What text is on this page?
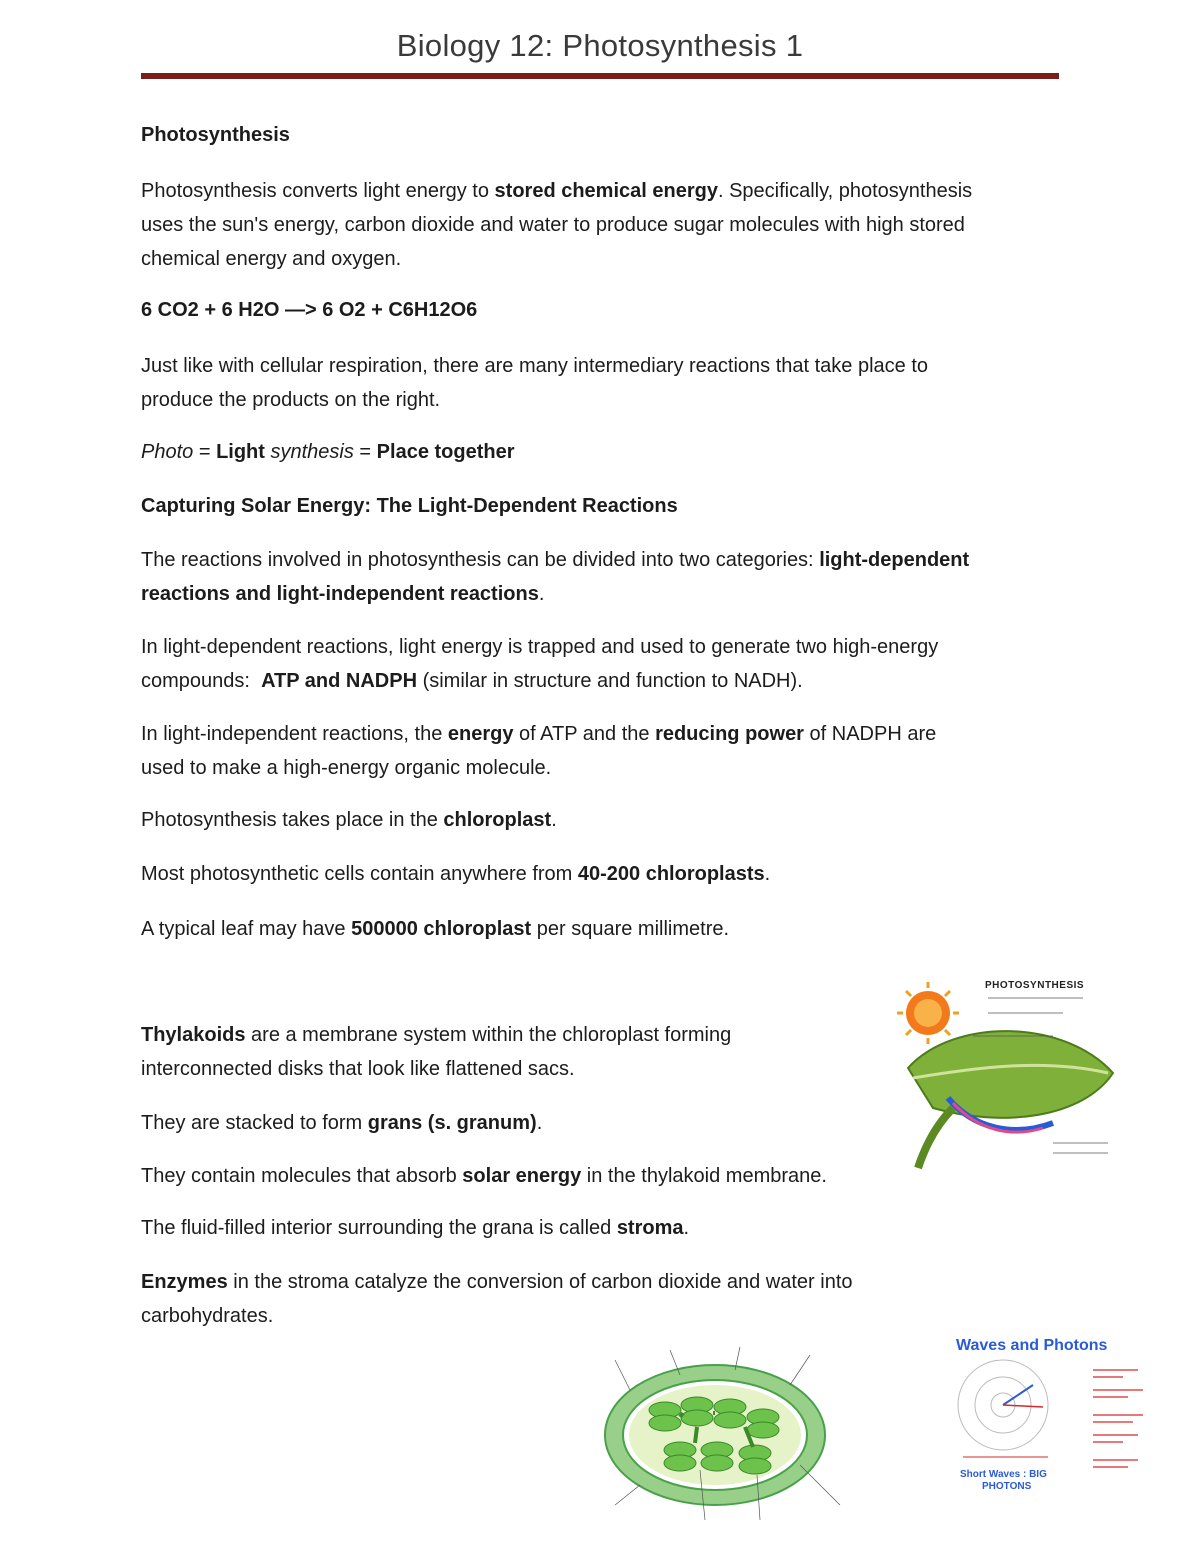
Biology 12: Photosynthesis 1

Photosynthesis

Photosynthesis converts light energy to stored chemical energy. Specifically, photosynthesis
uses the sun's energy, carbon dioxide and water to produce sugar molecules with high stored
chemical energy and oxygen.

6 CO2 + 6 H2O —> 6 O2 + C6H12O6

Just like with cellular respiration, there are many intermediary reactions that take place to
produce the products on the right.

Photo = Light synthesis = Place together

Capturing Solar Energy: The Light-Dependent Reactions

The reactions involved in photosynthesis can be divided into two categories: light-dependent
reactions and light-independent reactions.

In light-dependent reactions, light energy is trapped and used to generate two high-energy
compounds:  ATP and NADPH (similar in structure and function to NADH).

In light-independent reactions, the energy of ATP and the reducing power of NADPH are
used to make a high-energy organic molecule.

Photosynthesis takes place in the chloroplast.

Most photosynthetic cells contain anywhere from 40-200 chloroplasts.

A typical leaf may have 500000 chloroplast per square millimetre.

Thylakoids are a membrane system within the chloroplast forming
interconnected disks that look like flattened sacs.

They are stacked to form grans (s. granum).

They contain molecules that absorb solar energy in the thylakoid membrane.

The fluid-filled interior surrounding the grana is called stroma.

Enzymes in the stroma catalyze the conversion of carbon dioxide and water into
carbohydrates.

PHOTOSYNTHESIS
Waves and Photons
Short Waves : BIG
PHOTONS
